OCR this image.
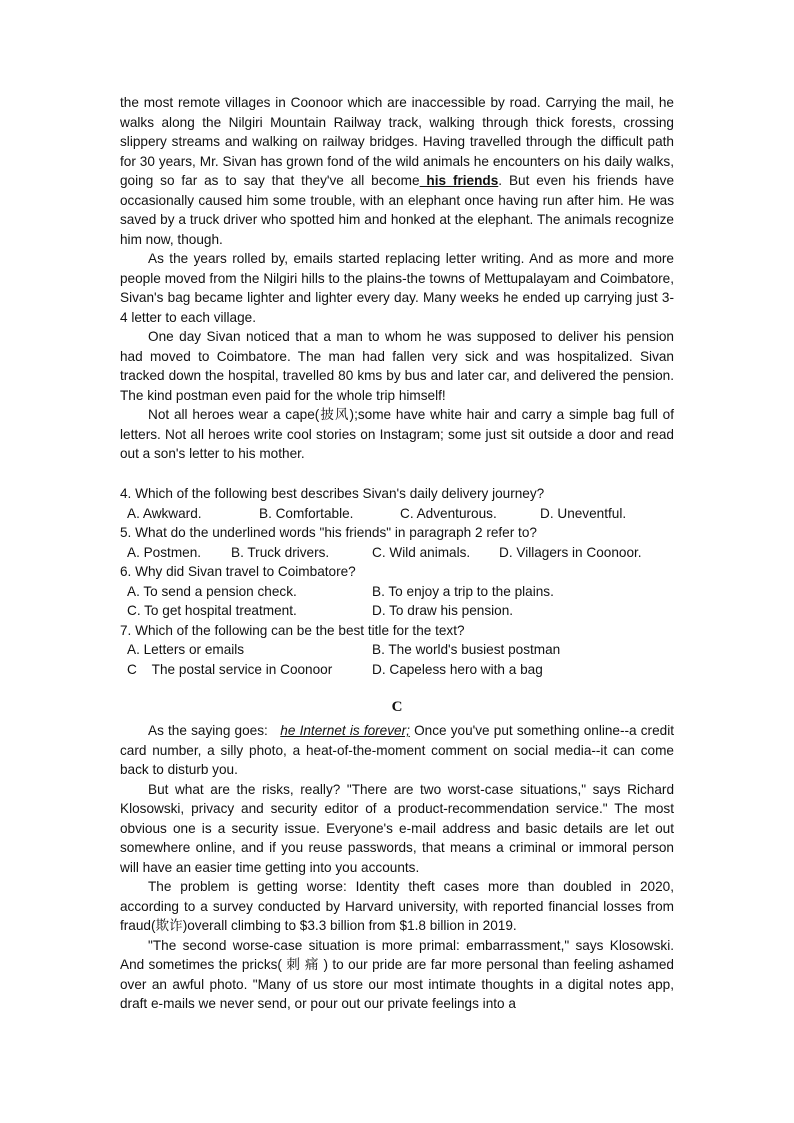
the most remote villages in Coonoor which are inaccessible by road. Carrying the mail, he walks along the Nilgiri Mountain Railway track, walking through thick forests, crossing slippery streams and walking on railway bridges. Having travelled through the difficult path for 30 years, Mr. Sivan has grown fond of the wild animals he encounters on his daily walks, going so far as to say that they've all become his friends. But even his friends have occasionally caused him some trouble, with an elephant once having run after him. He was saved by a truck driver who spotted him and honked at the elephant. The animals recognize him now, though.

As the years rolled by, emails started replacing letter writing. And as more and more people moved from the Nilgiri hills to the plains-the towns of Mettupalayam and Coimbatore, Sivan's bag became lighter and lighter every day. Many weeks he ended up carrying just 3-4 letter to each village.

One day Sivan noticed that a man to whom he was supposed to deliver his pension had moved to Coimbatore. The man had fallen very sick and was hospitalized. Sivan tracked down the hospital, travelled 80 kms by bus and later car, and delivered the pension. The kind postman even paid for the whole trip himself!

Not all heroes wear a cape(披风);some have white hair and carry a simple bag full of letters. Not all heroes write cool stories on Instagram; some just sit outside a door and read out a son's letter to his mother.

4. Which of the following best describes Sivan's daily delivery journey?

A. Awkward.	B. Comfortable.	C. Adventurous.	D. Uneventful.

5. What do the underlined words "his friends" in paragraph 2 refer to?

A. Postmen. B. Truck drivers.	C. Wild animals. D. Villagers in Coonoor.

6. Why did Sivan travel to Coimbatore?

A. To send a pension check.	B. To enjoy a trip to the plains.
C. To get hospital treatment.	D. To draw his pension.

7. Which of the following can be the best title for the text?

A. Letters or emails	B. The world's busiest postman
C    The postal service in Coonoor	D. Capeless hero with a bag
C

As the saying goes:   he Internet is forever; Once you've put something online--a credit card number, a silly photo, a heat-of-the-moment comment on social media--it can come back to disturb you.

But what are the risks, really? "There are two worst-case situations," says Richard Klosowski, privacy and security editor of a product-recommendation service." The most obvious one is a security issue. Everyone's e-mail address and basic details are let out somewhere online, and if you reuse passwords, that means a criminal or immoral person will have an easier time getting into you accounts.

The problem is getting worse: Identity theft cases more than doubled in 2020, according to a survey conducted by Harvard university, with reported financial losses from fraud(欺诈)overall climbing to $3.3 billion from $1.8 billion in 2019.

"The second worse-case situation is more primal: embarrassment," says Klosowski. And sometimes the pricks( 刺 痛 ) to our pride are far more personal than feeling ashamed over an awful photo. "Many of us store our most intimate thoughts in a digital notes app, draft e-mails we never send, or pour out our private feelings into a
